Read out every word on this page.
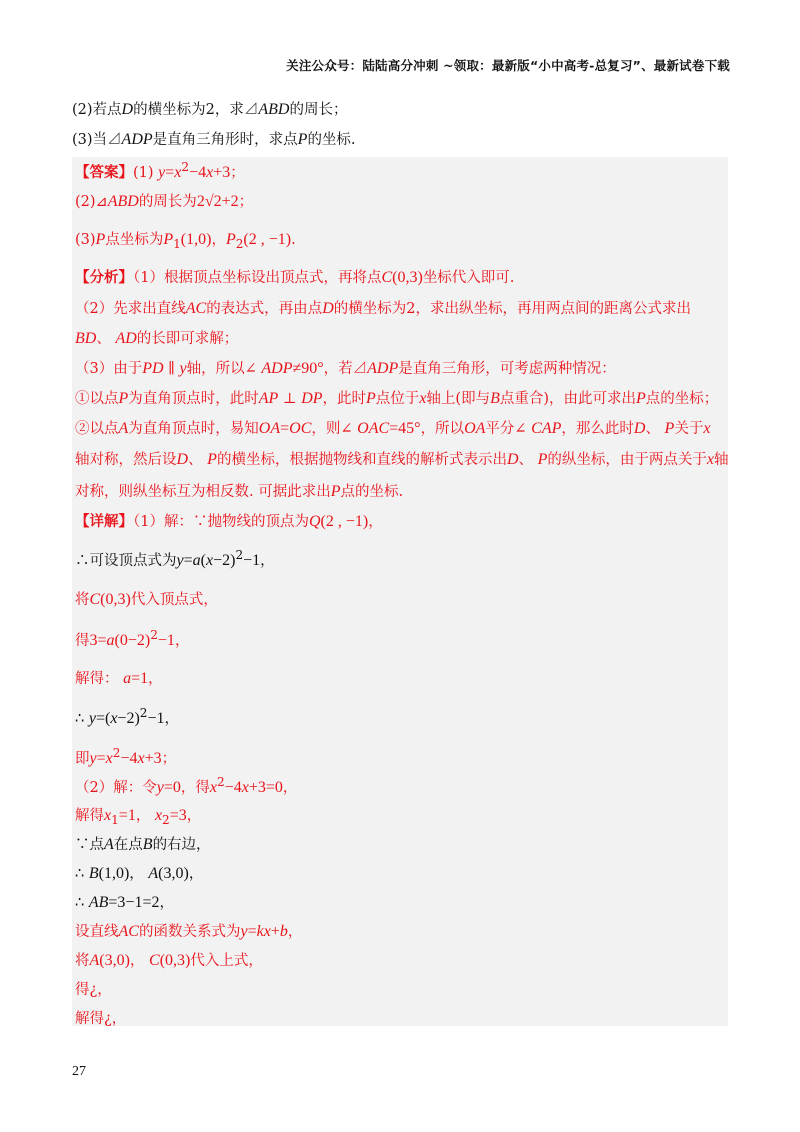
关注公众号：陆陆高分冲刺 ~领取：最新版“小中高考-总复习”、最新试卷下载
(2)若点D的横坐标为2，求⊿ABD的周长；
(3)当⊿ADP是直角三角形时，求点P的坐标.
【答案】(1) $y=x^2-4x+3$；
(2)⊿ABD的周长为2√2+2；
(3)P点坐标为$P_1(1,0)$，$P_2(2$ , −1).
【分析】（1）根据顶点坐标设出顶点式，再将点C(0,3)坐标代入即可.
（2）先求出直线AC的表达式，再由点D的横坐标为2，求出纵坐标，再用两点间的距离公式求出
BD、 AD的长即可求解；
（3）由于PD ∥ y轴，所以∠ ADP≠90°，若⊿ADP是直角三角形，可考虑两种情况：
①以点P为直角顶点时，此时AP ⊥ DP，此时P点位于x轴上(即与B点重合)，由此可求出P点的坐标；
②以点A为直角顶点时，易知OA=OC，则∠ OAC=45°，所以OA平分∠ CAP，那么此时D、 P关于x
轴对称，然后设D、 P的横坐标，根据抛物线和直线的解析式表示出D、 P的纵坐标，由于两点关于x轴
对称，则纵坐标互为相反数. 可据此求出P点的坐标.
【详解】（1）解：∵抛物线的顶点为Q(2 , −1)，
∴可设顶点式为$y=a(x-2)^2-1$，
将C(0,3)代入顶点式，
得$3=a(0-2)^2-1$，
解得： a=1，
∴ $y=(x-2)^2-1$，
即$y=x^2-4x+3$；
（2）解：令y=0，得$x^2-4x+3=0$，
解得$x_1=1$， $x_2=3$，
∵点A在点B的右边，
∴ B(1,0)， A(3,0)，
∴ AB=3−1=2，
设直线AC的函数关系式为y=kx+b，
将A(3,0)， C(0,3)代入上式，
得¿，
解得¿，
27
